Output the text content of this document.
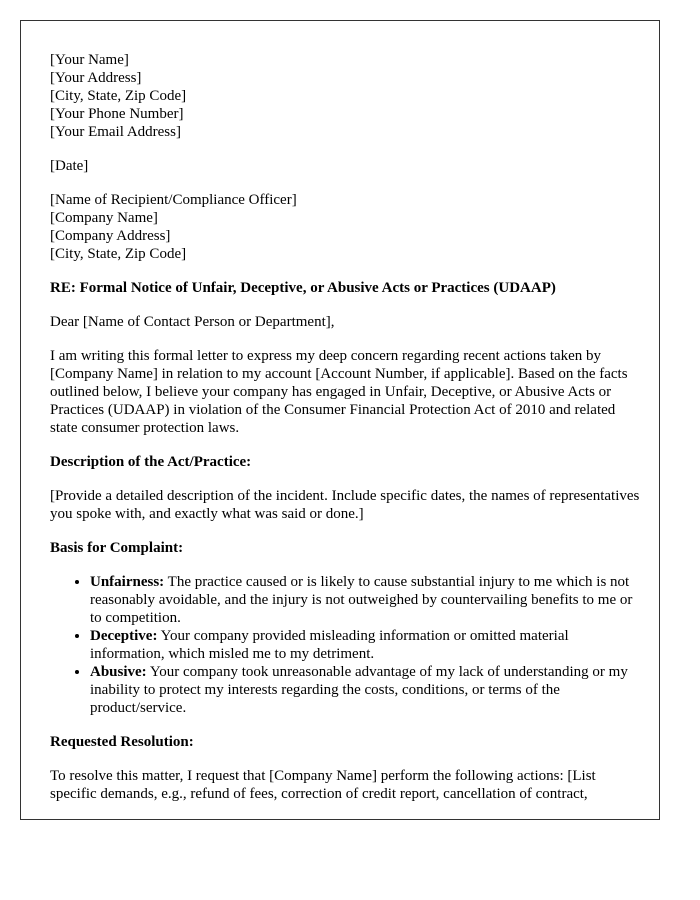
[Your Name]
[Your Address]
[City, State, Zip Code]
[Your Phone Number]
[Your Email Address]
[Date]
[Name of Recipient/Compliance Officer]
[Company Name]
[Company Address]
[City, State, Zip Code]

RE: Formal Notice of Unfair, Deceptive, or Abusive Acts or Practices (UDAAP)

Dear [Name of Contact Person or Department],

I am writing this formal letter to express my deep concern regarding recent actions taken by [Company Name] in relation to my account [Account Number, if applicable]. Based on the facts outlined below, I believe your company has engaged in Unfair, Deceptive, or Abusive Acts or Practices (UDAAP) in violation of the Consumer Financial Protection Act of 2010 and related state consumer protection laws.

Description of the Act/Practice:

[Provide a detailed description of the incident. Include specific dates, the names of representatives you spoke with, and exactly what was said or done.]

Basis for Complaint:

• Unfairness: The practice caused or is likely to cause substantial injury to me which is not reasonably avoidable, and the injury is not outweighed by countervailing benefits to me or to competition.
• Deceptive: Your company provided misleading information or omitted material information, which misled me to my detriment.
• Abusive: Your company took unreasonable advantage of my lack of understanding or my inability to protect my interests regarding the costs, conditions, or terms of the product/service.

Requested Resolution:

To resolve this matter, I request that [Company Name] perform the following actions: [List specific demands, e.g., refund of fees, correction of credit report, cancellation of contract,
